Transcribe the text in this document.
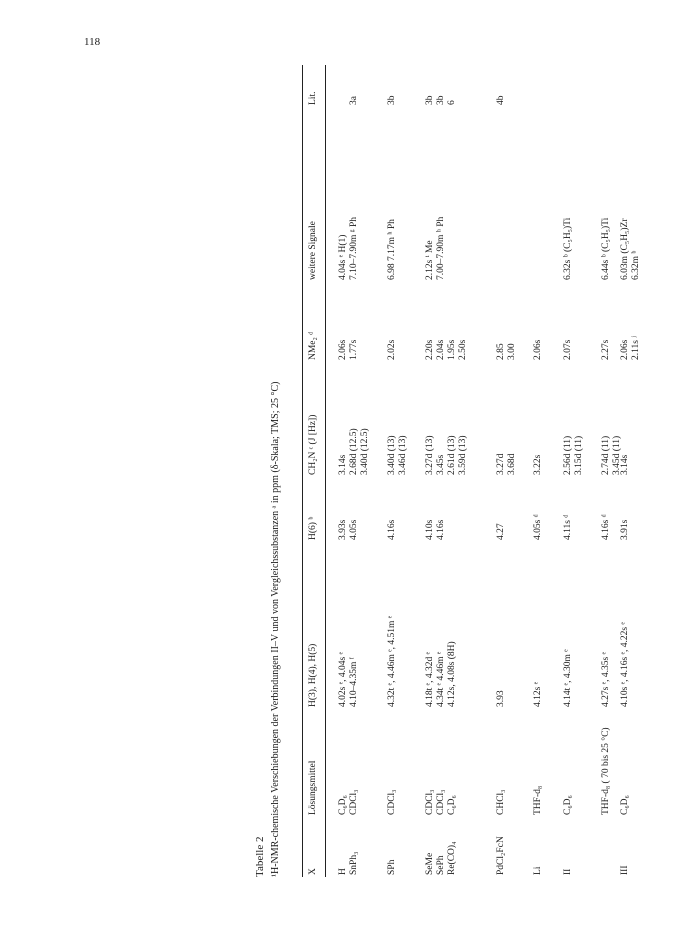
118
Tabelle 2 ¹H-NMR-chemische Verschiebungen der Verbindungen II–V und von Vergleichssubstanzen ᵃ in ppm (δ-Skala; TMS; 25 °C)	X
Lösungsmittel
H(3), H(4), H(5)
H(6) ᵇ
CH₂N ᶜ (J [Hz])
NMe₂ ᵈ
weitere Signale
Lit.
H
C₆D₆
4.02s ᵉ, 4.04s ᵉ
3.93s
3.14s
2.06s
4.04s ᵉ H(1)
SnPh₃
CDCl₃
4.10–4.35m ᶠ
4.05s
2.68d (12.5) 3.40d (12.5)
1.77s
7.10–7.90m ᵍ Ph
3a
SPh
CDCl₃
4.32t ᵉ, 4.46m ᵉ, 4.51m ᵉ
4.16s
3.40d (13) 3.46d (13)
2.02s
6.98 7.17m ʰ Ph
3b
SeMe
CDCl₃
4.18t ᵉ, 4.32d ᵉ
4.10s
3.27d (13)
2.20s
2.12s ⁱ Me
3b
SePh
CDCl₃
4.34t ᵉ 4.46m ᵉ
4.16s
3.45s
2.04s
7.00–7.90m ʰ Ph
3b
Re(CO)₄
C₆D₆
4.12s, 4.08s (8H)
2.61d (13) 3.59d (13)
1.95s 2.50s
6
PdCl₂FcN
CHCl₃
3.93
4.27
3.27d 3.68d
2.85 3.00
4b
Li
THF-d₈
4.12s ᵉ
4.05s ᵈ
3.22s
2.06s
II
C₆D₆
4.14t ᵉ, 4.30m ᵉ
4.11s ᵈ
2.56d (11) 3.15d (11)
2.07s
6.32s ᵇ (C₅H₅)Ti
THF-d₈ ( 70 bis 25 °C)
4.27s ᵉ, 4.35s ᵉ
4.16s ᵈ
2.74d (11) 3.45d (11)
2.27s
6.44s ᵇ (C₅H₅)Ti
III
C₆D₆
4.10s ᵉ, 4.16s ᵉ, 4.22s ᵉ
3.91s
3.14s
2.06s 2.11s ʲ
6.03m (C₅H₅)Zr 6.32m ᵇ
